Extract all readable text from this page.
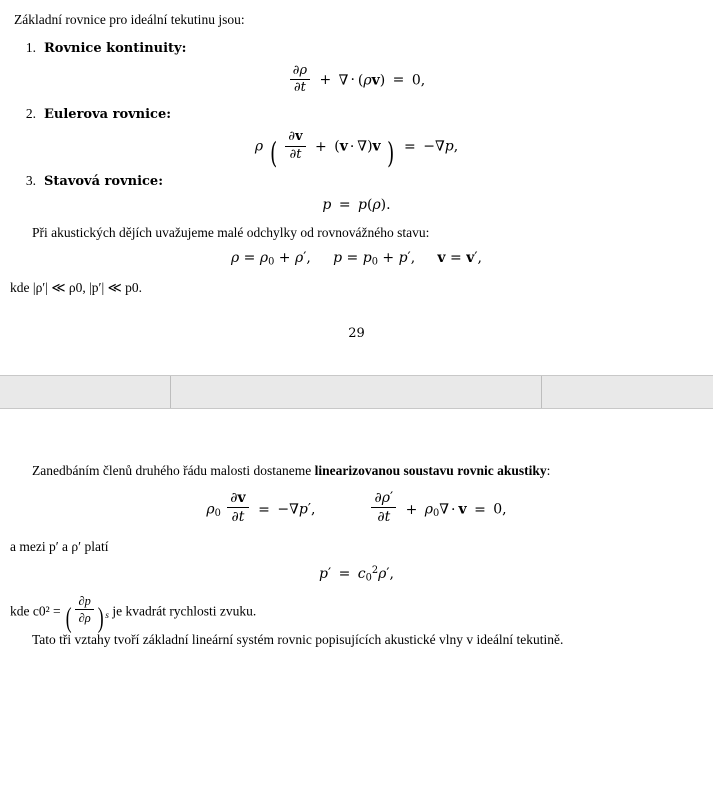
Základní rovnice pro ideální tekutinu jsou:

1. Rovnice kontinuity:
$\frac{\partial\rho}{\partial t}$ + ∇ · (ρv) = 0,
2. Eulerova rovnice:
ρ ( $\frac{\partial v}{\partial t} + (v \cdot \nabla)v$ ) = −∇p,
3. Stavová rovnice:
p = p(ρ).

Při akustických dějích uvažujeme malé odchylky od rovnovážného stavu:

$\rho = \rho_0 + \rho'$,     $p = p_0 + p'$,     v = v′,

kde |ρ′| ≪ ρ0, |p′| ≪ p0.

29

Zanedbáním členů druhého řádu malosti dostaneme linearizovanou soustavu rovnic akustiky:

$\rho_0 \frac{\partial v}{\partial t} = -\nabla p'$,	$\frac{\partial\rho'}{\partial t} + \rho_0\nabla \cdot v = 0$,

a mezi p′ a ρ′ platí

$p' = c_0^2\rho'$,

kde c0² = ( $\frac{\partial p}{\partial\rho}$ ) $_s$ je kvadrát rychlosti zvuku.

Tato tři vztahy tvoří základní lineární systém rovnic popisujících akustické vlny v ideální tekutině.
